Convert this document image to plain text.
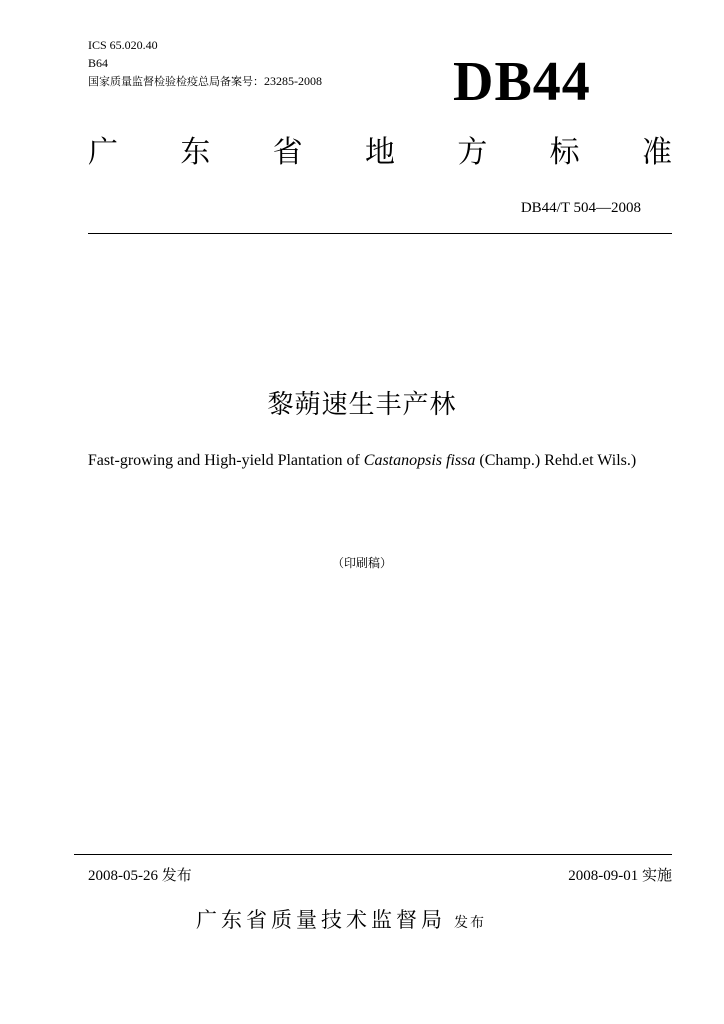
ICS 65.020.40
B64
国家质量监督检验检疫总局备案号：23285-2008 DB44
广 东 省 地 方 标 准
DB44/T 504—2008
黎蒴速生丰产林
Fast-growing and High-yield Plantation of Castanopsis fissa (Champ.) Rehd.et Wils.)
（印刷稿）
2008-05-26 发布	2008-09-01 实施
广东省质量技术监督局 发布
